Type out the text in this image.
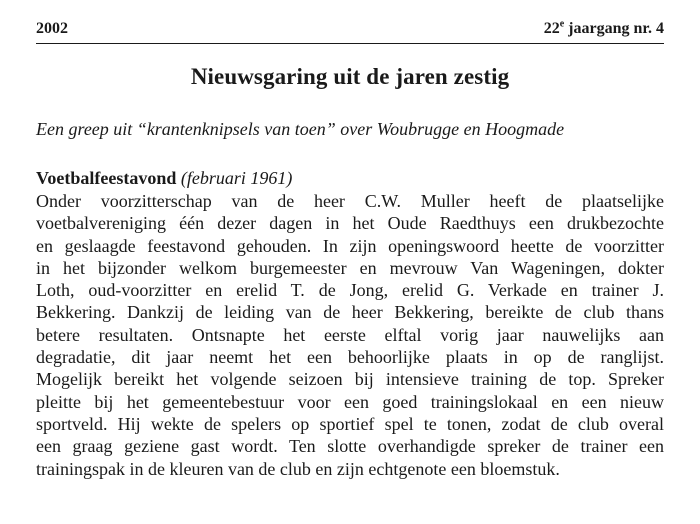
2002	22e jaargang nr. 4
Nieuwsgaring uit de jaren zestig
Een greep uit “krantenknipsels van toen” over Woubrugge en Hoogmade
Voetbalfeestavond (februari 1961)
Onder voorzitterschap van de heer C.W. Muller heeft de plaatselijke
voetbalvereniging één dezer dagen in het Oude Raedthuys een drukbezochte
en geslaagde feestavond gehouden. In zijn openingswoord heette de voorzitter
in het bijzonder welkom burgemeester en mevrouw Van Wageningen, dokter
Loth, oud-voorzitter en erelid T. de Jong, erelid G. Verkade en trainer J.
Bekkering. Dankzij de leiding van de heer Bekkering, bereikte de club thans
betere resultaten. Ontsnapte het eerste elftal vorig jaar nauwelijks aan
degradatie, dit jaar neemt het een behoorlijke plaats in op de ranglijst.
Mogelijk bereikt het volgende seizoen bij intensieve training de top. Spreker
pleitte bij het gemeentebestuur voor een goed trainingslokaal en een nieuw
sportveld. Hij wekte de spelers op sportief spel te tonen, zodat de club overal
een graag geziene gast wordt. Ten slotte overhandigde spreker de trainer een
trainingspak in de kleuren van de club en zijn echtgenote een bloemstuk.
